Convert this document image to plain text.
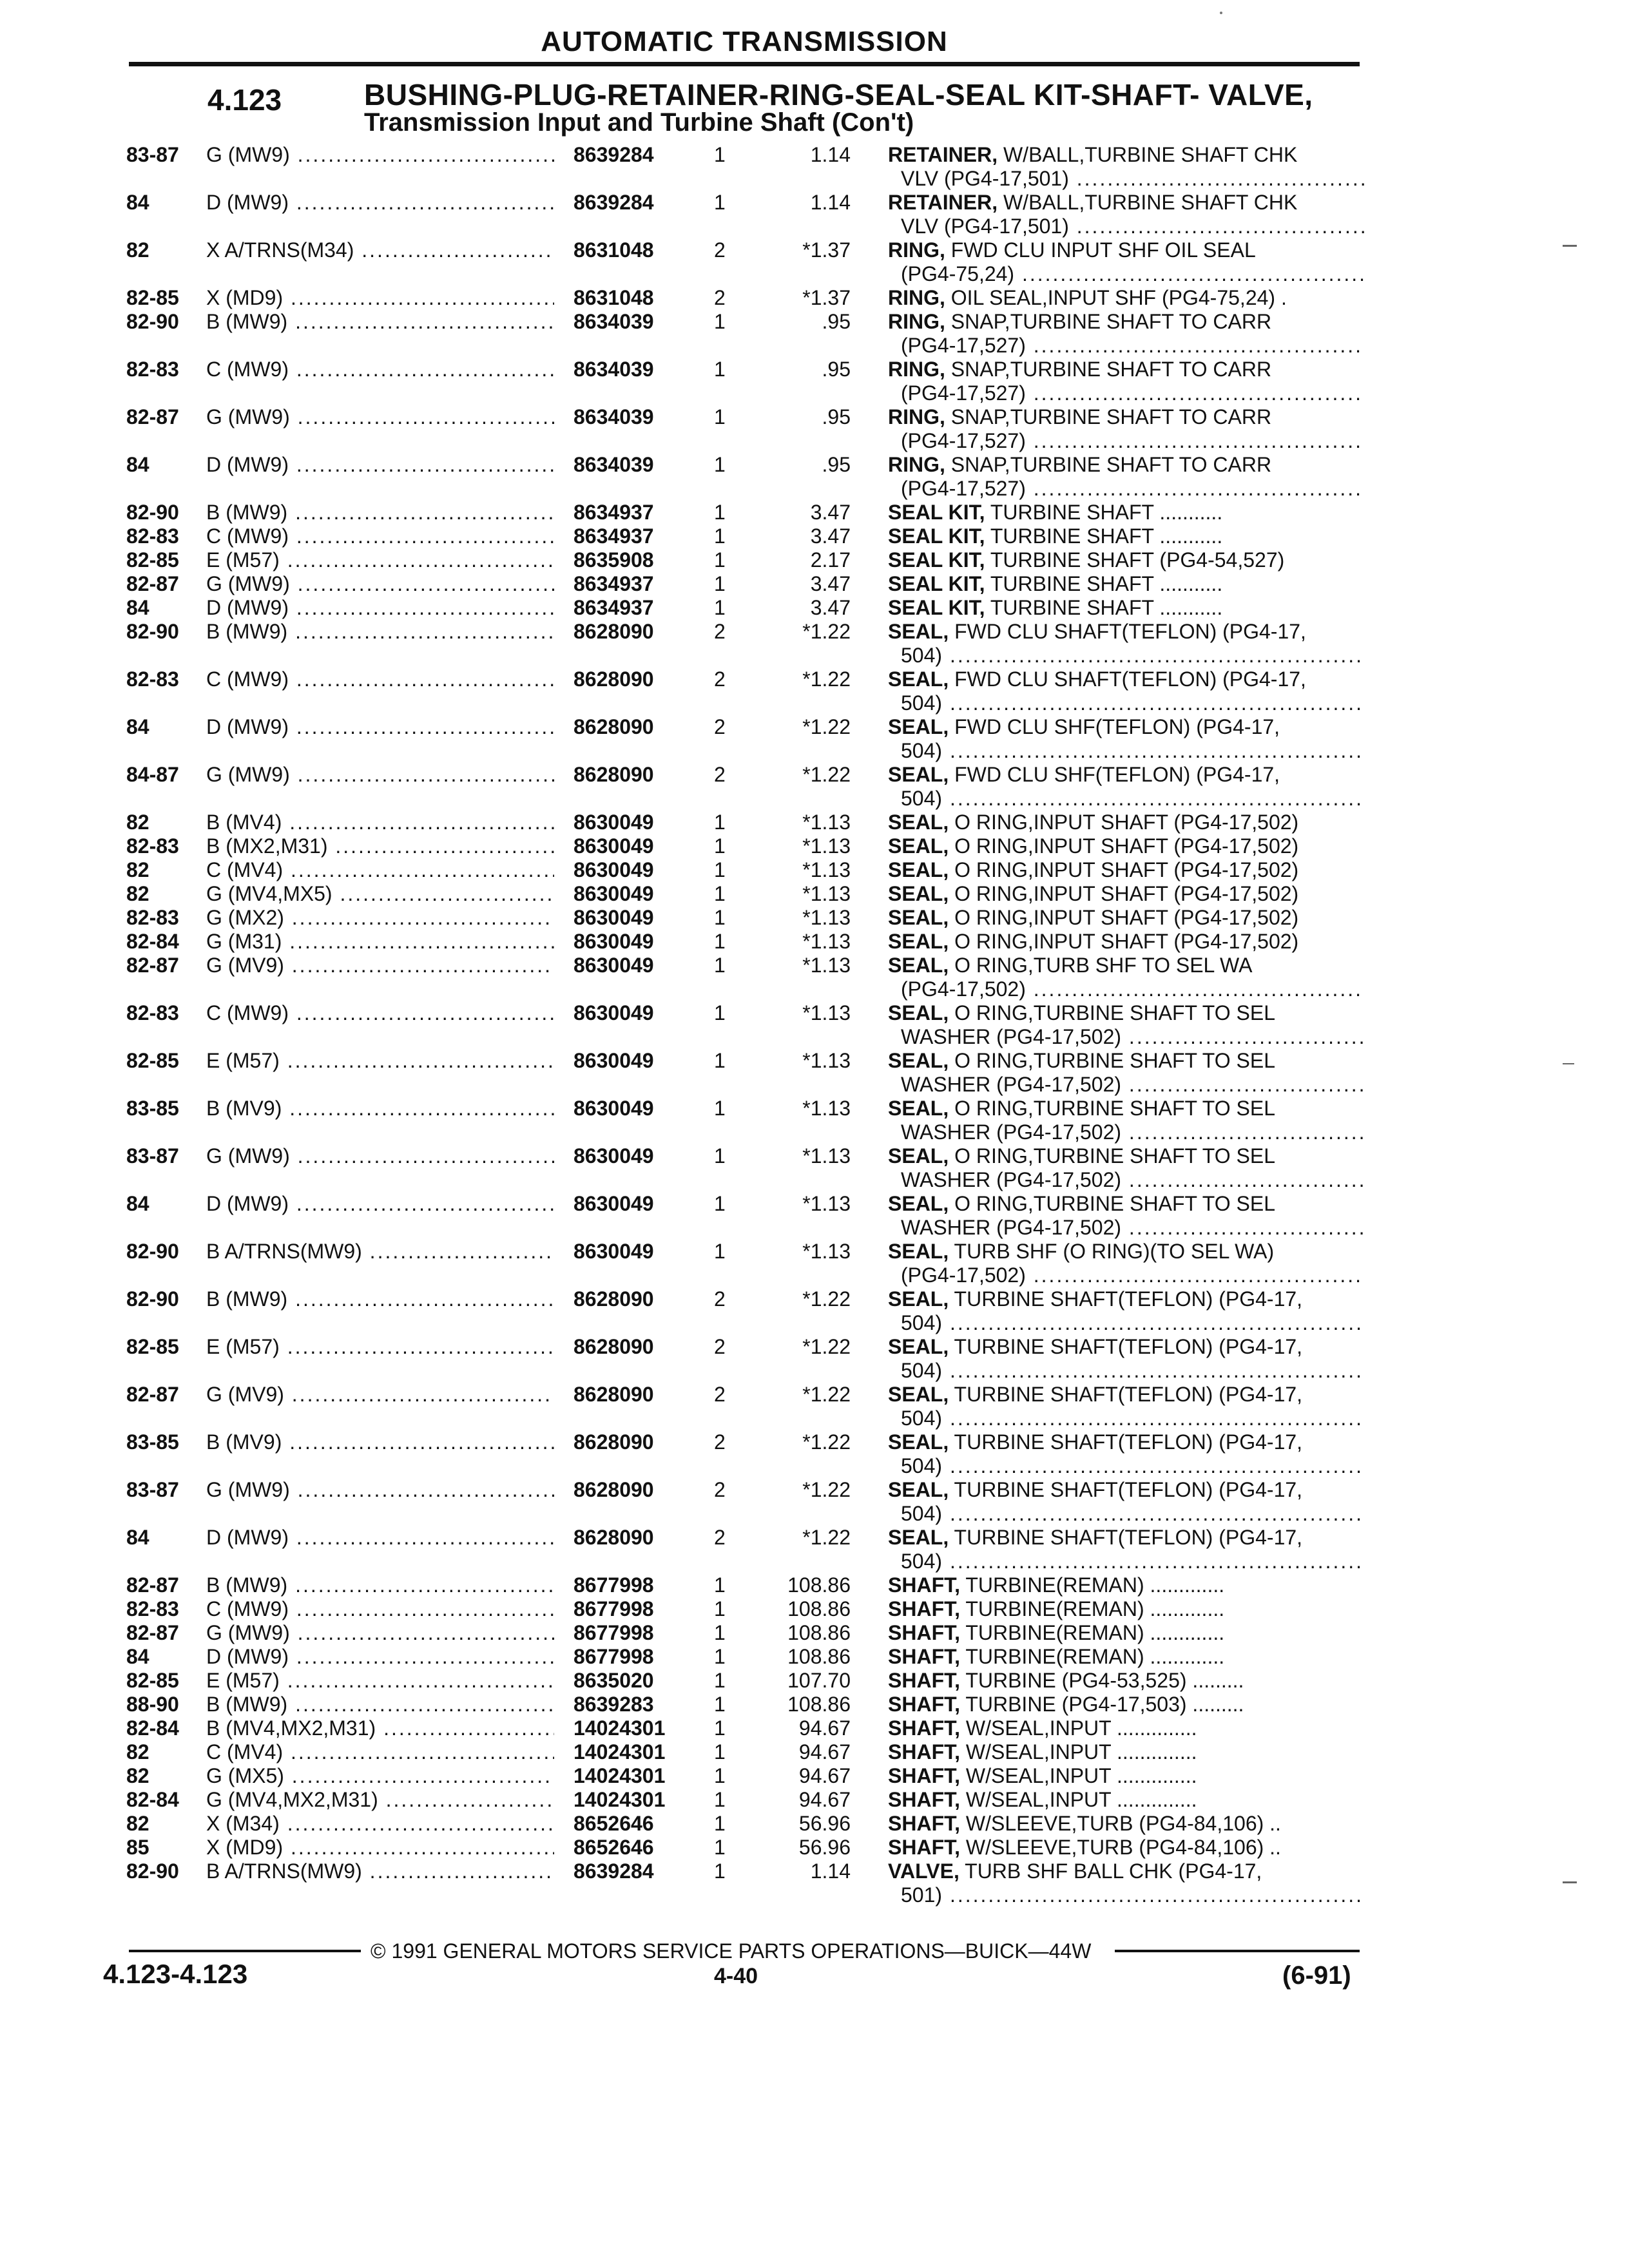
AUTOMATIC TRANSMISSION
4.123	BUSHING-PLUG-RETAINER-RING-SEAL-SEAL KIT-SHAFT- VALVE,
Transmission Input and Turbine Shaft (Con't)
83-87 G (MW9) .....	8639284	1	1.14 RETAINER, W/BALL,TURBINE SHAFT CHK
VLV (PG4-17,501) .....
84	D (MW9) .....	8639284	1	1.14 RETAINER, W/BALL,TURBINE SHAFT CHK
VLV (PG4-17,501) .....
82	X A/TRNS(M34) .....	8631048	2	*1.37 RING, FWD CLU INPUT SHF OIL SEAL
(PG4-75,24) .....
82-85 X (MD9) .....	8631048	2	*1.37 RING, OIL SEAL,INPUT SHF (PG4-75,24) .
82-90 B (MW9) .....	8634039	1	.95 RING, SNAP,TURBINE SHAFT TO CARR
(PG4-17,527) .....
82-83 C (MW9) .....	8634039	1	.95 RING, SNAP,TURBINE SHAFT TO CARR
(PG4-17,527) .....
82-87 G (MW9) .....	8634039	1	.95 RING, SNAP,TURBINE SHAFT TO CARR
(PG4-17,527) .....
84	D (MW9) .....	8634039	1	.95 RING, SNAP,TURBINE SHAFT TO CARR
(PG4-17,527) .....
82-90 B (MW9) .....	8634937	1	3.47 SEAL KIT, TURBINE SHAFT ...........
82-83 C (MW9) .....	8634937	1	3.47 SEAL KIT, TURBINE SHAFT ...........
82-85 E (M57) .....	8635908	1	2.17 SEAL KIT, TURBINE SHAFT (PG4-54,527)
82-87 G (MW9) .....	8634937	1	3.47 SEAL KIT, TURBINE SHAFT ...........
84	D (MW9) .....	8634937	1	3.47 SEAL KIT, TURBINE SHAFT ...........
82-90 B (MW9) .....	8628090	2	*1.22 SEAL, FWD CLU SHAFT(TEFLON) (PG4-17,
504) .....
82-83 C (MW9) .....	8628090	2	*1.22 SEAL, FWD CLU SHAFT(TEFLON) (PG4-17,
504) .....
84	D (MW9) .....	8628090	2	*1.22 SEAL, FWD CLU SHF(TEFLON) (PG4-17,
504) .....
84-87 G (MW9) .....	8628090	2	*1.22 SEAL, FWD CLU SHF(TEFLON) (PG4-17,
504) .....
82	B (MV4) .....	8630049	1	*1.13 SEAL, O RING,INPUT SHAFT (PG4-17,502)
82-83 B (MX2,M31) .....	8630049	1	*1.13 SEAL, O RING,INPUT SHAFT (PG4-17,502)
82	C (MV4) .....	8630049	1	*1.13 SEAL, O RING,INPUT SHAFT (PG4-17,502)
82	G (MV4,MX5) .....	8630049	1	*1.13 SEAL, O RING,INPUT SHAFT (PG4-17,502)
82-83 G (MX2) .....	8630049	1	*1.13 SEAL, O RING,INPUT SHAFT (PG4-17,502)
82-84 G (M31) .....	8630049	1	*1.13 SEAL, O RING,INPUT SHAFT (PG4-17,502)
82-87 G (MV9) .....	8630049	1	*1.13 SEAL, O RING,TURB SHF TO SEL WA
(PG4-17,502) .....
82-83 C (MW9) .....	8630049	1	*1.13 SEAL, O RING,TURBINE SHAFT TO SEL
WASHER (PG4-17,502) .....
82-85 E (M57) .....	8630049	1	*1.13 SEAL, O RING,TURBINE SHAFT TO SEL
WASHER (PG4-17,502) .....
83-85 B (MV9) .....	8630049	1	*1.13 SEAL, O RING,TURBINE SHAFT TO SEL
WASHER (PG4-17,502) .....
83-87 G (MW9) .....	8630049	1	*1.13 SEAL, O RING,TURBINE SHAFT TO SEL
WASHER (PG4-17,502) .....
84	D (MW9) .....	8630049	1	*1.13 SEAL, O RING,TURBINE SHAFT TO SEL
WASHER (PG4-17,502) .....
82-90 B A/TRNS(MW9) .....	8630049	1	*1.13 SEAL, TURB SHF (O RING)(TO SEL WA)
(PG4-17,502) .....
82-90 B (MW9) .....	8628090	2	*1.22 SEAL, TURBINE SHAFT(TEFLON) (PG4-17,
504) .....
82-85 E (M57) .....	8628090	2	*1.22 SEAL, TURBINE SHAFT(TEFLON) (PG4-17,
504) .....
82-87 G (MV9) .....	8628090	2	*1.22 SEAL, TURBINE SHAFT(TEFLON) (PG4-17,
504) .....
83-85 B (MV9) .....	8628090	2	*1.22 SEAL, TURBINE SHAFT(TEFLON) (PG4-17,
504) .....
83-87 G (MW9) .....	8628090	2	*1.22 SEAL, TURBINE SHAFT(TEFLON) (PG4-17,
504) .....
84	D (MW9) .....	8628090	2	*1.22 SEAL, TURBINE SHAFT(TEFLON) (PG4-17,
504) .....
82-87 B (MW9) .....	8677998	1	108.86 SHAFT, TURBINE(REMAN) .............
82-83 C (MW9) .....	8677998	1	108.86 SHAFT, TURBINE(REMAN) .............
82-87 G (MW9) .....	8677998	1	108.86 SHAFT, TURBINE(REMAN) .............
84	D (MW9) .....	8677998	1	108.86 SHAFT, TURBINE(REMAN) .............
82-85 E (M57) .....	8635020	1	107.70 SHAFT, TURBINE (PG4-53,525) .........
88-90 B (MW9) .....	8639283	1	108.86 SHAFT, TURBINE (PG4-17,503) .........
82-84 B (MV4,MX2,M31) .....	14024301 1	94.67 SHAFT, W/SEAL,INPUT ..............
82	C (MV4) .....	14024301 1	94.67 SHAFT, W/SEAL,INPUT ..............
82	G (MX5) .....	14024301 1	94.67 SHAFT, W/SEAL,INPUT ..............
82-84 G (MV4,MX2,M31) .....	14024301 1	94.67 SHAFT, W/SEAL,INPUT ..............
82	X (M34) .....	8652646	1	56.96 SHAFT, W/SLEEVE,TURB (PG4-84,106) ..
85	X (MD9) .....	8652646	1	56.96 SHAFT, W/SLEEVE,TURB (PG4-84,106) ..
82-90 B A/TRNS(MW9) .....	8639284	1	1.14 VALVE, TURB SHF BALL CHK (PG4-17,
501) .....
© 1991 GENERAL MOTORS SERVICE PARTS OPERATIONS—BUICK—44W
4.123-4.123	4-40	(6-91)
